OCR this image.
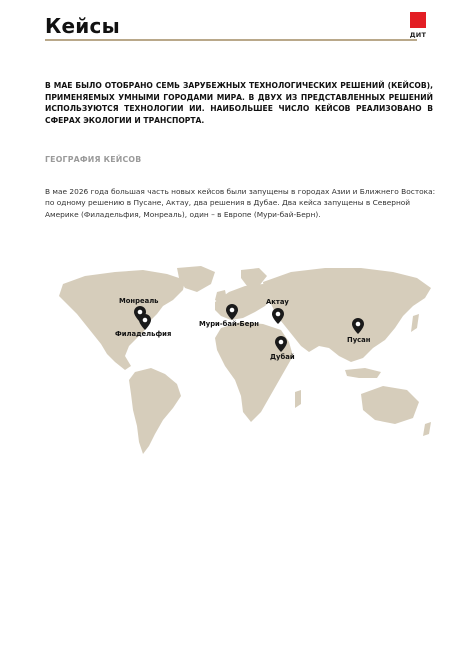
Кейсы	ДИТ
В МАЕ БЫЛО ОТОБРАНО СЕМЬ ЗАРУБЕЖНЫХ ТЕХНОЛОГИЧЕСКИХ РЕШЕНИЙ (КЕЙСОВ), ПРИМЕНЯЕМЫХ УМНЫМИ ГОРОДАМИ МИРА. В ДВУХ ИЗ ПРЕДСТАВЛЕННЫХ РЕШЕНИЙ ИСПОЛЬЗУЮТСЯ ТЕХНОЛОГИИ ИИ. НАИБОЛЬШЕЕ ЧИСЛО КЕЙСОВ РЕАЛИЗОВАНО В СФЕРАХ ЭКОЛОГИИ И ТРАНСПОРТА.
ГЕОГРАФИЯ КЕЙСОВ
В мае 2026 года большая часть новых кейсов были запущены в городах Азии и Ближнего Востока: по одному решению в Пусане, Актау, два решения в Дубае. Два кейса запущены в Северной Америке (Филадельфия, Монреаль), один – в Европе (Мури-бай-Берн).
Монреаль
Филадельфия
Мури-бай-Берн
Актау
Дубай
Пусан
